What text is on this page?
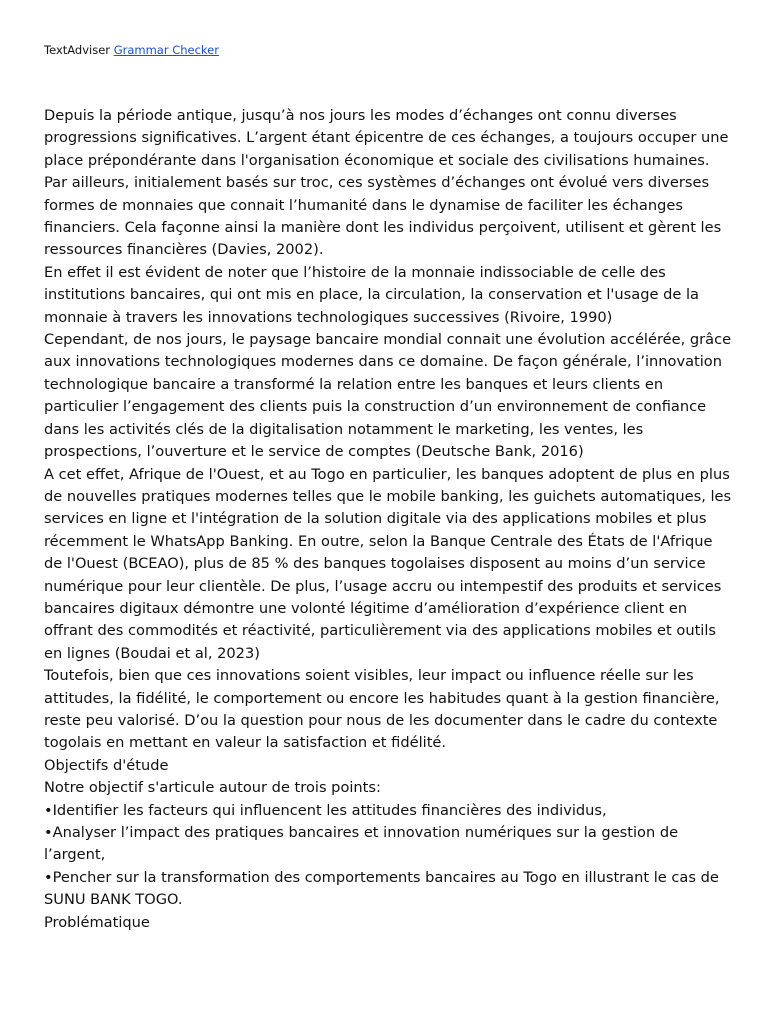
TextAdviser Grammar Checker

Depuis la période antique, jusqu’à nos jours les modes d’échanges ont connu diverses progressions significatives. L’argent étant épicentre de ces échanges, a toujours occuper une place prépondérante dans l'organisation économique et sociale des civilisations humaines. Par ailleurs, initialement basés sur troc, ces systèmes d’échanges ont évolué vers diverses formes de monnaies que connait l’humanité dans le dynamise de faciliter les échanges financiers. Cela façonne ainsi la manière dont les individus perçoivent, utilisent et gèrent les ressources financières (Davies, 2002).

En effet il est évident de noter que l’histoire de la monnaie indissociable de celle des institutions bancaires, qui ont mis en place, la circulation, la conservation et l'usage de la monnaie à travers les innovations technologiques successives (Rivoire, 1990)

Cependant, de nos jours, le paysage bancaire mondial connait une évolution accélérée, grâce aux innovations technologiques modernes dans ce domaine. De façon générale, l’innovation technologique bancaire a transformé la relation entre les banques et leurs clients en particulier l’engagement des clients puis la construction d’un environnement de confiance dans les activités clés de la digitalisation notamment le marketing, les ventes, les prospections, l’ouverture et le service de comptes (Deutsche Bank, 2016)

A cet effet, Afrique de l'Ouest, et au Togo en particulier, les banques adoptent de plus en plus de nouvelles pratiques modernes telles que le mobile banking, les guichets automatiques, les services en ligne et l'intégration de la solution digitale via des applications mobiles et plus récemment le WhatsApp Banking. En outre, selon la Banque Centrale des États de l'Afrique de l'Ouest (BCEAO), plus de 85 % des banques togolaises disposent au moins d’un service numérique pour leur clientèle. De plus, l’usage accru ou intempestif des produits et services bancaires digitaux démontre une volonté légitime d’amélioration d’expérience client en offrant des commodités et réactivité, particulièrement via des applications mobiles et outils en lignes (Boudai et al, 2023)

Toutefois, bien que ces innovations soient visibles, leur impact ou influence réelle sur les attitudes, la fidélité, le comportement ou encore les habitudes quant à la gestion financière, reste peu valorisé. D’ou la question pour nous de les documenter dans le cadre du contexte togolais en mettant en valeur la satisfaction et fidélité.

Objectifs d'étude

Notre objectif s'articule autour de trois points:

•Identifier les facteurs qui influencent les attitudes financières des individus,

•Analyser l’impact des pratiques bancaires et innovation numériques sur la gestion de l’argent,

•Pencher sur la transformation des comportements bancaires au Togo en illustrant le cas de SUNU BANK TOGO.

Problématique
